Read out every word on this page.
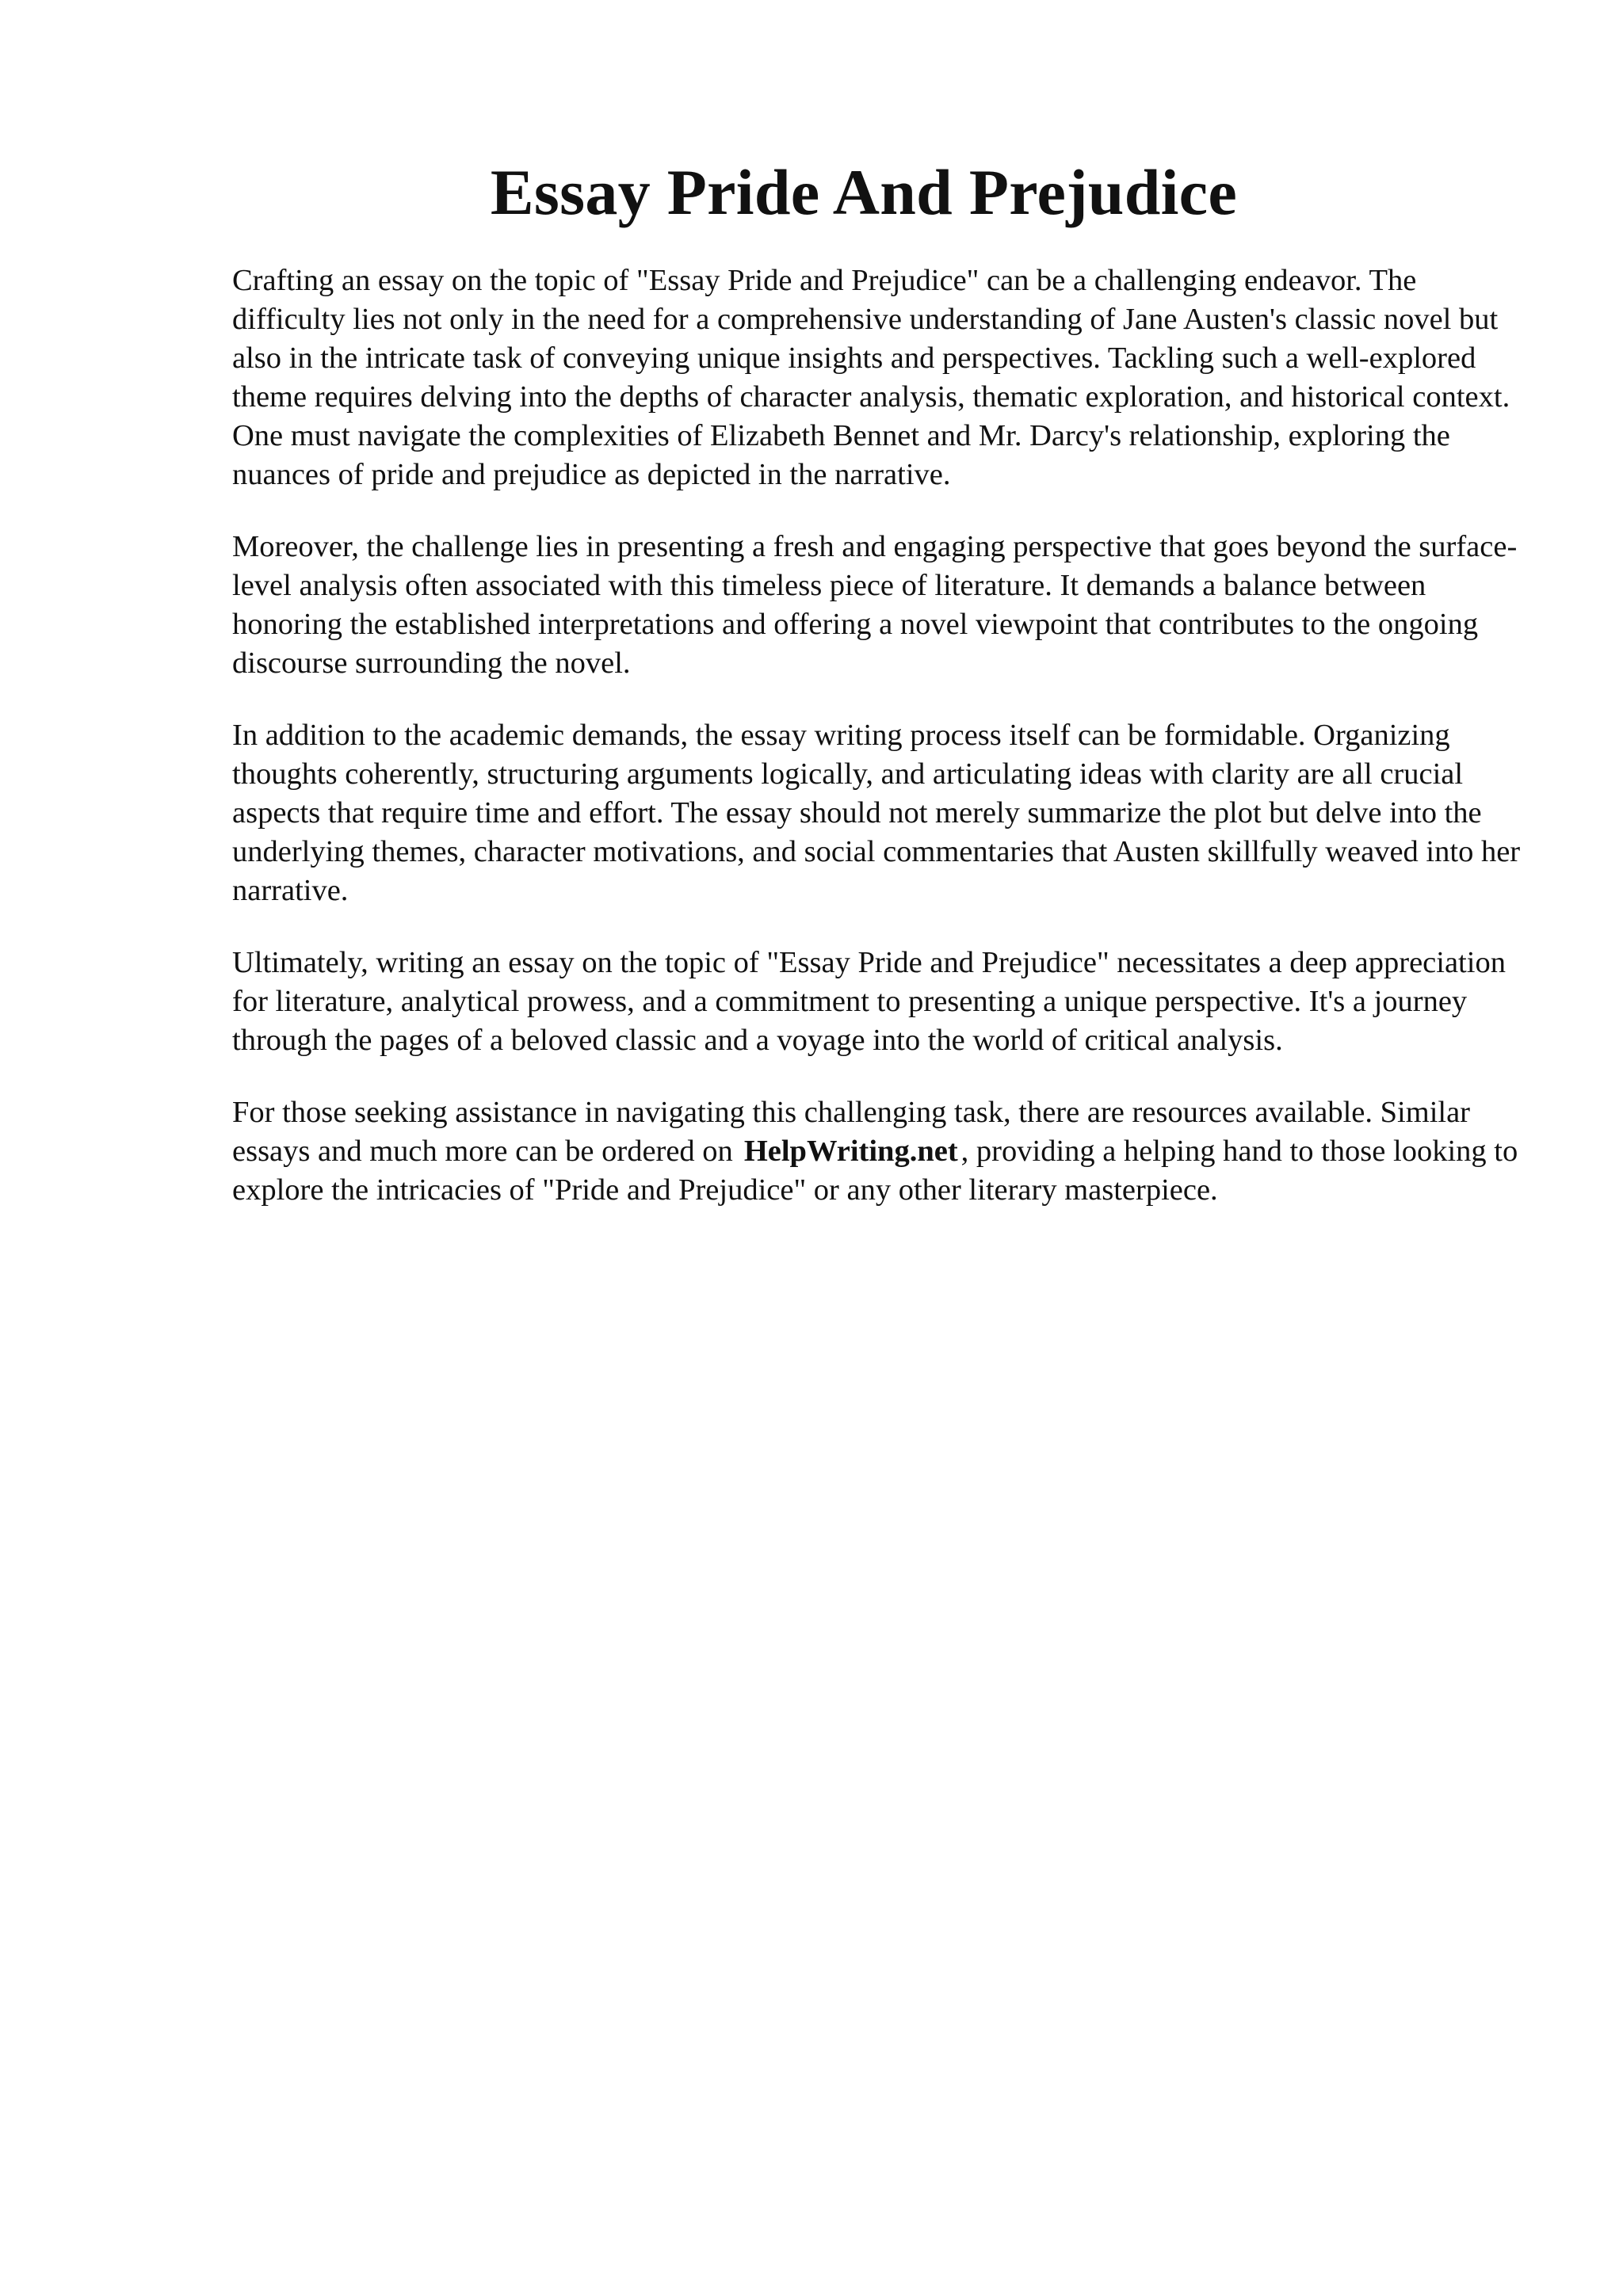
Essay Pride And Prejudice

Crafting an essay on the topic of "Essay Pride and Prejudice" can be a challenging endeavor. The difficulty lies not only in the need for a comprehensive understanding of Jane Austen's classic novel but also in the intricate task of conveying unique insights and perspectives. Tackling such a well-explored theme requires delving into the depths of character analysis, thematic exploration, and historical context. One must navigate the complexities of Elizabeth Bennet and Mr. Darcy's relationship, exploring the nuances of pride and prejudice as depicted in the narrative.

Moreover, the challenge lies in presenting a fresh and engaging perspective that goes beyond the surface-level analysis often associated with this timeless piece of literature. It demands a balance between honoring the established interpretations and offering a novel viewpoint that contributes to the ongoing discourse surrounding the novel.

In addition to the academic demands, the essay writing process itself can be formidable. Organizing thoughts coherently, structuring arguments logically, and articulating ideas with clarity are all crucial aspects that require time and effort. The essay should not merely summarize the plot but delve into the underlying themes, character motivations, and social commentaries that Austen skillfully weaved into her narrative.

Ultimately, writing an essay on the topic of "Essay Pride and Prejudice" necessitates a deep appreciation for literature, analytical prowess, and a commitment to presenting a unique perspective. It's a journey through the pages of a beloved classic and a voyage into the world of critical analysis.

For those seeking assistance in navigating this challenging task, there are resources available. Similar essays and much more can be ordered on HelpWriting.net , providing a helping hand to those looking to explore the intricacies of "Pride and Prejudice" or any other literary masterpiece.
